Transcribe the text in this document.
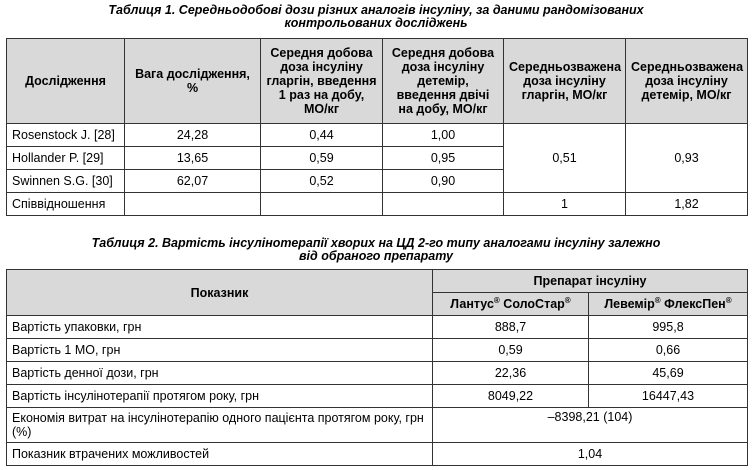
Таблиця 1. Середньодобові дози різних аналогів інсуліну, за даними рандомізованих
контрольованих досліджень
Дослідження	Вага дослідження, %	Середня добова доза інсуліну гларгін, введення 1 раз на добу, МО/кг	Середня добова доза інсуліну детемір, введення двічі на добу, МО/кг	Середньозважена доза інсуліну гларгін, МО/кг	Середньозважена доза інсуліну детемір, МО/кг
Rosenstock J. [28]	24,28	0,44	1,00	0,51	0,93
Hollander P. [29]	13,65	0,59	0,95		
Swinnen S.G. [30]	62,07	0,52	0,90		
Співвідношення				1	1,82
Таблиця 2. Вартість інсулінотерапії хворих на ЦД 2-го типу аналогами інсуліну залежно
від обраного препарату
Показник	Препарат інсуліну	
	Лантус® СолоСтар®	Левемір® ФлексПен®
Вартість упаковки, грн	888,7	995,8
Вартість 1 МО, грн	0,59	0,66
Вартість денної дози, грн	22,36	45,69
Вартість інсулінотерапії протягом року, грн	8049,22	16447,43
Економія витрат на інсулінотерапію одного пацієнта протягом року, грн (%)	–8398,21 (104)	
Показник втрачених можливостей	1,04	
